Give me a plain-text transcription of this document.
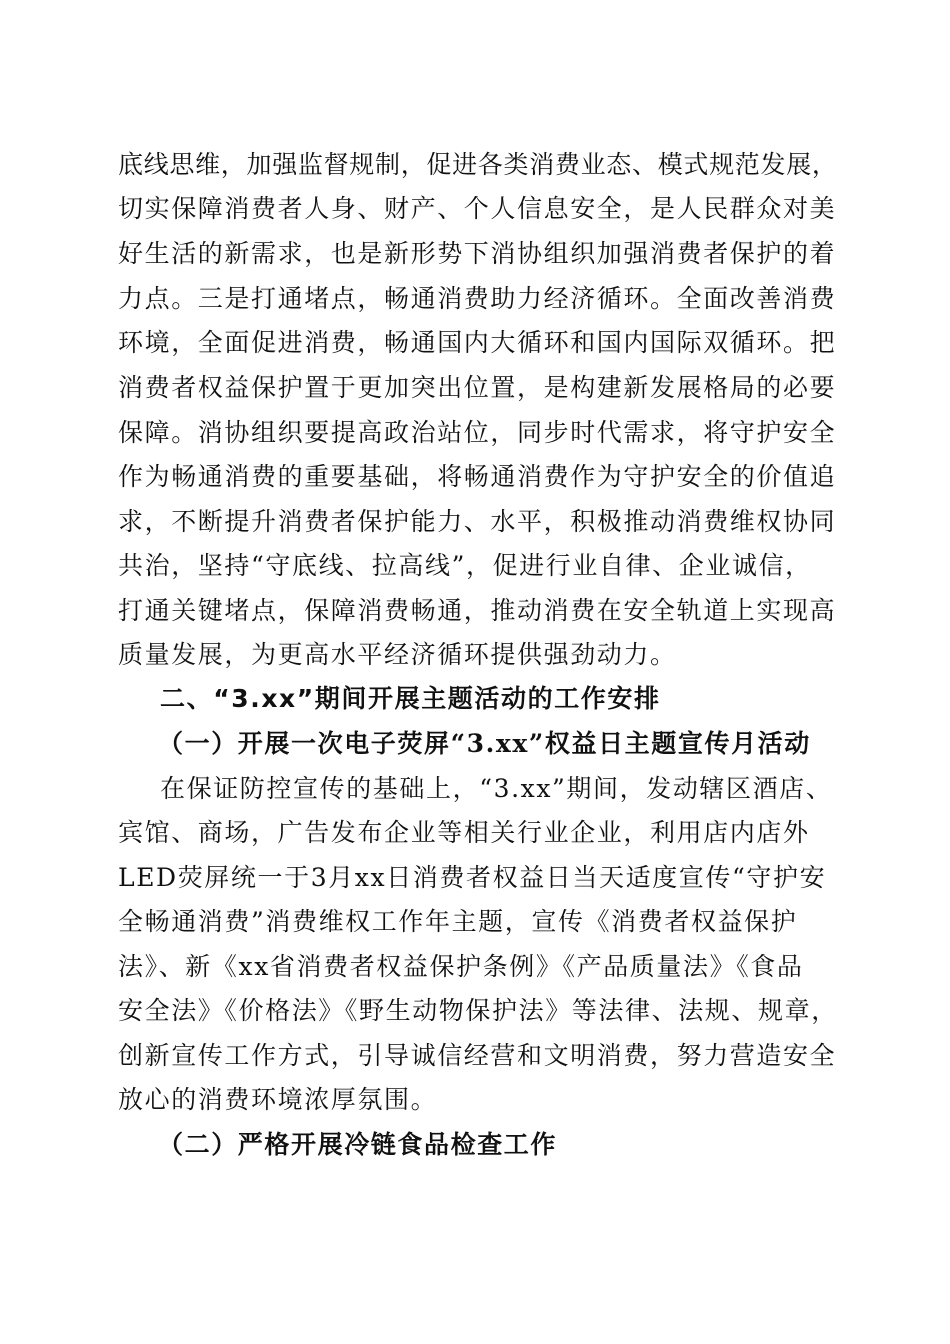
底线思维，加强监督规制，促进各类消费业态、模式规范发展，
切实保障消费者人身、财产、个人信息安全，是人民群众对美
好生活的新需求，也是新形势下消协组织加强消费者保护的着
力点。三是打通堵点，畅通消费助力经济循环。全面改善消费
环境，全面促进消费，畅通国内大循环和国内国际双循环。把
消费者权益保护置于更加突出位置，是构建新发展格局的必要
保障。消协组织要提高政治站位，同步时代需求，将守护安全
作为畅通消费的重要基础，将畅通消费作为守护安全的价值追
求，不断提升消费者保护能力、水平，积极推动消费维权协同
共治，坚持“守底线、拉高线”，促进行业自律、企业诚信，
打通关键堵点，保障消费畅通，推动消费在安全轨道上实现高
质量发展，为更高水平经济循环提供强劲动力。
二、“3.xx”期间开展主题活动的工作安排
（一）开展一次电子荧屏“3.xx”权益日主题宣传月活动
在保证防控宣传的基础上，“3.xx”期间，发动辖区酒店、
宾馆、商场，广告发布企业等相关行业企业，利用店内店外
LED荧屏统一于3月xx日消费者权益日当天适度宣传“守护安
全畅通消费”消费维权工作年主题，宣传《消费者权益保护
法》、新《xx省消费者权益保护条例》《产品质量法》《食品
安全法》《价格法》《野生动物保护法》等法律、法规、规章，
创新宣传工作方式，引导诚信经营和文明消费，努力营造安全
放心的消费环境浓厚氛围。
（二）严格开展冷链食品检查工作
